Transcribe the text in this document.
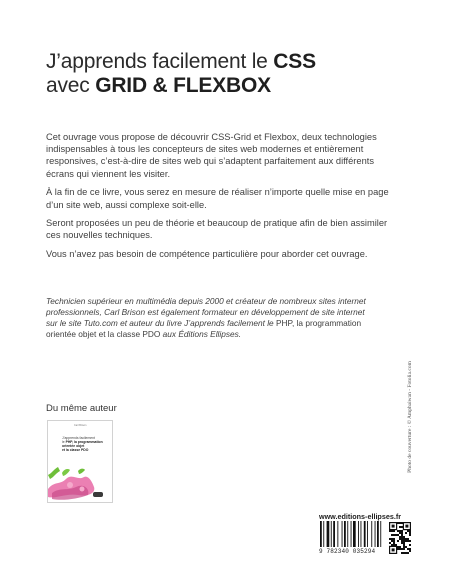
J’apprends facilement le CSS
avec GRID & FLEXBOX

Cet ouvrage vous propose de découvrir CSS-Grid et Flexbox, deux technologies indispensables à tous les concepteurs de sites web modernes et entièrement responsives, c’est-à-dire de sites web qui s’adaptent parfaitement aux différents écrans qui viennent les visiter.

À la fin de ce livre, vous serez en mesure de réaliser n’importe quelle mise en page d’un site web, aussi complexe soit-elle.

Seront proposées un peu de théorie et beaucoup de pratique afin de bien assimiler ces nouvelles techniques.

Vous n’avez pas besoin de compétence particulière pour aborder cet ouvrage.

Technicien supérieur en multimédia depuis 2000 et créateur de nombreux sites internet professionnels, Carl Brison est également formateur en développement de site internet sur le site Tuto.com et auteur du livre J’apprends facilement le PHP, la programmation orientée objet et la classe PDO aux Éditions Ellipses.
Photo de couverture : © Amphaiwan - Fotolia.com
Du même auteur
Carl Brison
J’apprends facilement
le PHP, la programmation
orientée objet
et la classe PDO
www.editions-ellipses.fr
9 782340 035294
